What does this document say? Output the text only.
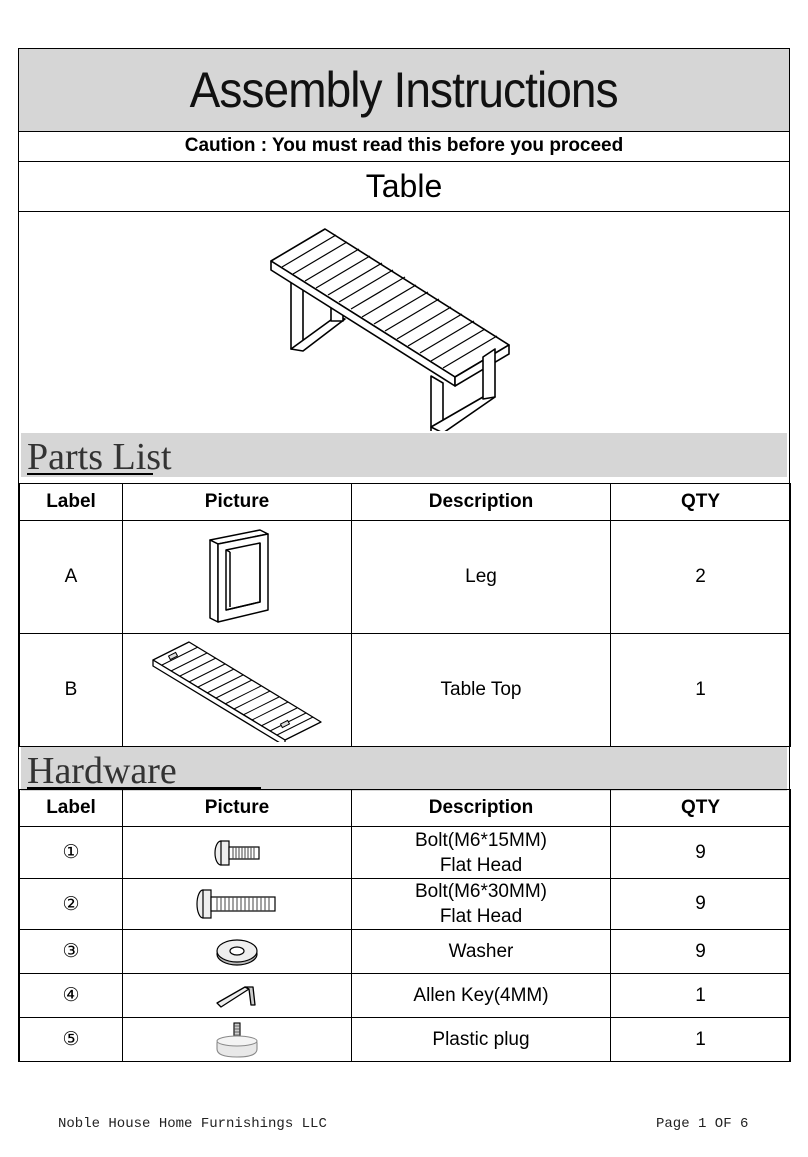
Assembly Instructions
Caution : You must read this before you proceed
Table
Parts List
Label	Picture	Description	QTY
A		Leg	2
B		Table Top	1
Hardware
Label	Picture	Description	QTY
①		Bolt(M6*15MM)
Flat Head	9
②		Bolt(M6*30MM)
Flat Head	9
③		Washer	9
④		Allen Key(4MM)	1
⑤		Plastic plug	1
Noble House Home Furnishings LLC	Page 1 OF 6
